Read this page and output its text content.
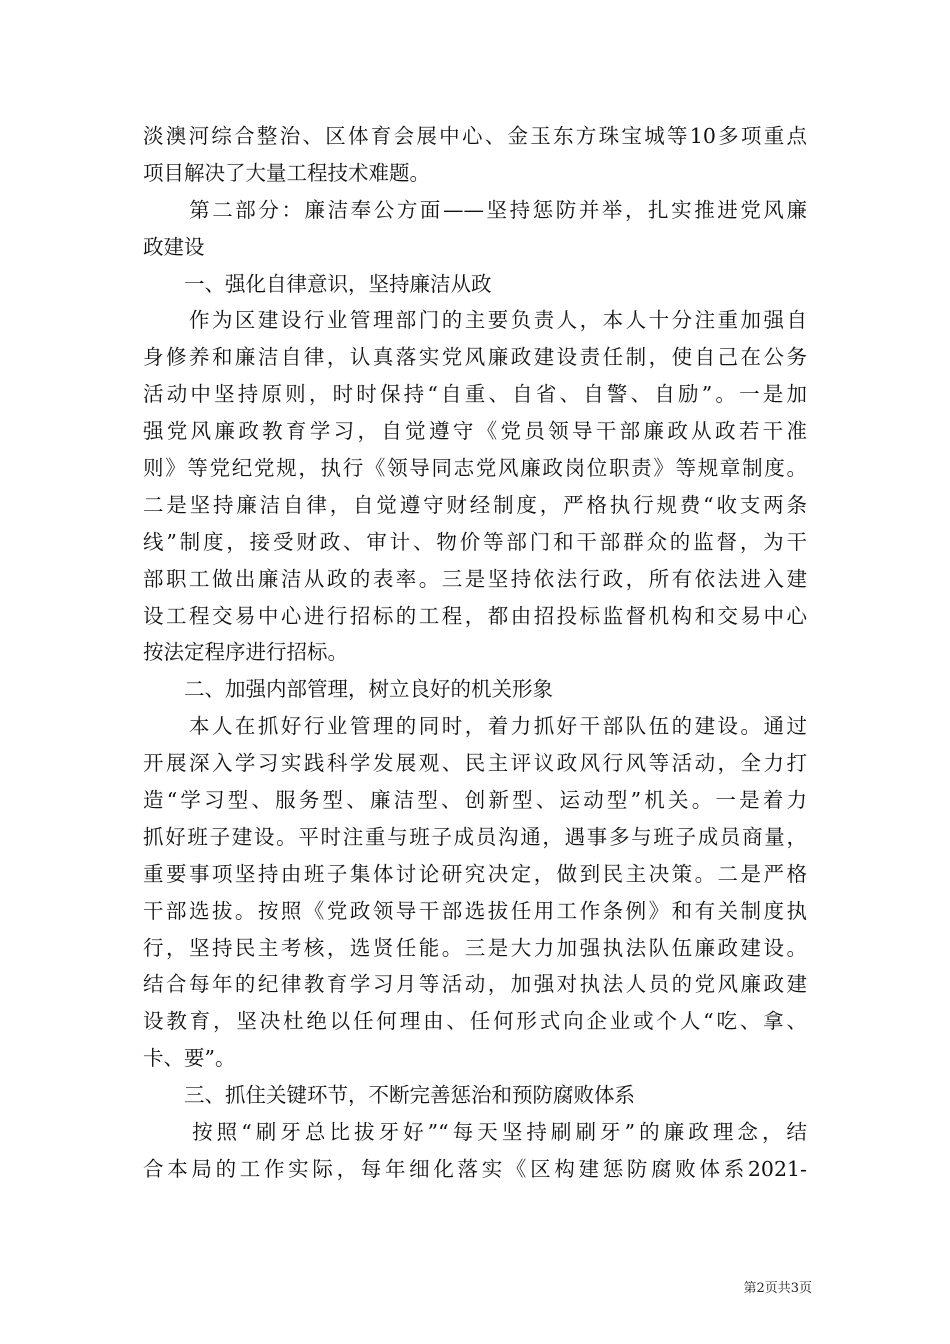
淡澳河综合整治、区体育会展中心、金玉东方珠宝城等10多项重点
项目解决了大量工程技术难题。
　　第二部分：廉洁奉公方面——坚持惩防并举，扎实推进党风廉
政建设
　　一、强化自律意识，坚持廉洁从政
　　作为区建设行业管理部门的主要负责人，本人十分注重加强自
身修养和廉洁自律，认真落实党风廉政建设责任制，使自己在公务
活动中坚持原则，时时保持“自重、自省、自警、自励”。一是加
强党风廉政教育学习，自觉遵守《党员领导干部廉政从政若干准
则》等党纪党规，执行《领导同志党风廉政岗位职责》等规章制度。
二是坚持廉洁自律，自觉遵守财经制度，严格执行规费“收支两条
线”制度，接受财政、审计、物价等部门和干部群众的监督，为干
部职工做出廉洁从政的表率。三是坚持依法行政，所有依法进入建
设工程交易中心进行招标的工程，都由招投标监督机构和交易中心
按法定程序进行招标。
　　二、加强内部管理，树立良好的机关形象
　　本人在抓好行业管理的同时，着力抓好干部队伍的建设。通过
开展深入学习实践科学发展观、民主评议政风行风等活动，全力打
造“学习型、服务型、廉洁型、创新型、运动型”机关。一是着力
抓好班子建设。平时注重与班子成员沟通，遇事多与班子成员商量，
重要事项坚持由班子集体讨论研究决定，做到民主决策。二是严格
干部选拔。按照《党政领导干部选拔任用工作条例》和有关制度执
行，坚持民主考核，选贤任能。三是大力加强执法队伍廉政建设。
结合每年的纪律教育学习月等活动，加强对执法人员的党风廉政建
设教育，坚决杜绝以任何理由、任何形式向企业或个人“吃、拿、
卡、要”。
　　三、抓住关键环节，不断完善惩治和预防腐败体系
　　按照“刷牙总比拔牙好”“每天坚持刷刷牙”的廉政理念，结
合本局的工作实际，每年细化落实《区构建惩防腐败体系2021-
第2页共3页
